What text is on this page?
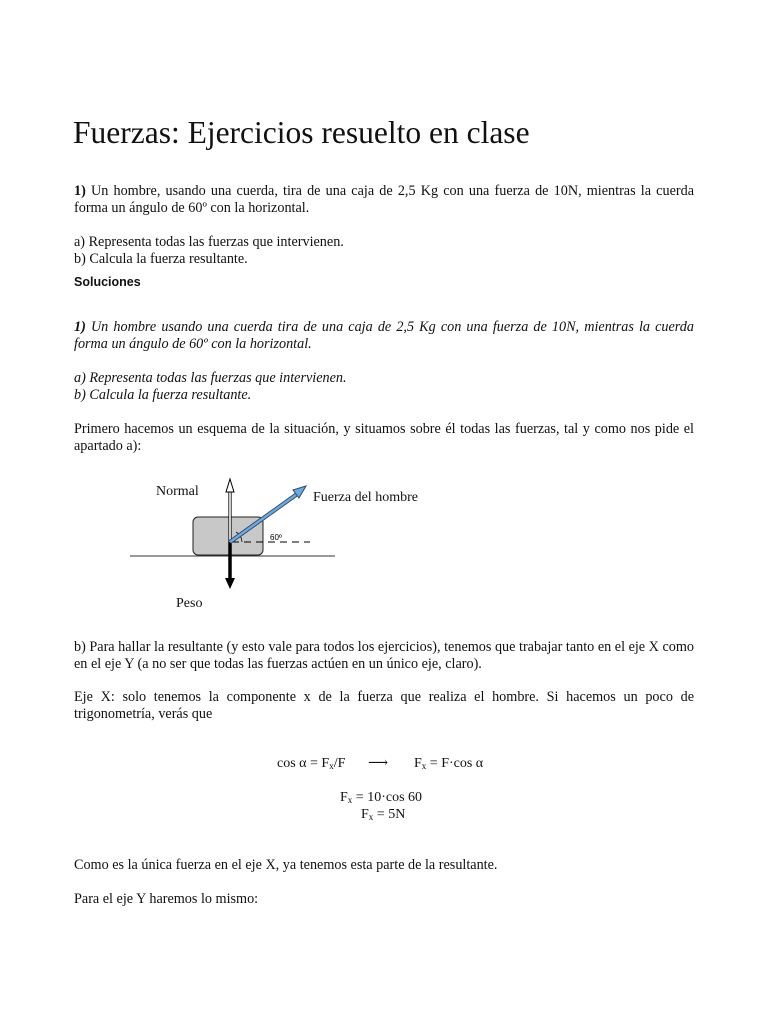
Fuerzas: Ejercicios resuelto en clase
1) Un hombre, usando una cuerda, tira de una caja de 2,5 Kg con una fuerza de 10N, mientras la cuerda forma un ángulo de 60º con la horizontal.
a) Representa todas las fuerzas que intervienen.
b) Calcula la fuerza resultante.
Soluciones
1) Un hombre usando una cuerda tira de una caja de 2,5 Kg con una fuerza de 10N, mientras la cuerda forma un ángulo de 60º con la horizontal.
a) Representa todas las fuerzas que intervienen.
b) Calcula la fuerza resultante.
Primero hacemos un esquema de la situación, y situamos sobre él todas las fuerzas, tal y como nos pide el apartado a):
60º
Normal	Fuerza del hombre
Peso
b) Para hallar la resultante (y esto vale para todos los ejercicios), tenemos que trabajar tanto en el eje X como en el eje Y (a no ser que todas las fuerzas actúen en un único eje, claro).
Eje X: solo tenemos la componente x de la fuerza que realiza el hombre. Si hacemos un poco de trigonometría, verás que
$\cos \alpha = F_x/F$ ⟶ $F_x = F\cdot\cos$ α
$F_x = 10\cdot\cos$ 60
$F_x = 5N$
Como es la única fuerza en el eje X, ya tenemos esta parte de la resultante.
Para el eje Y haremos lo mismo:
